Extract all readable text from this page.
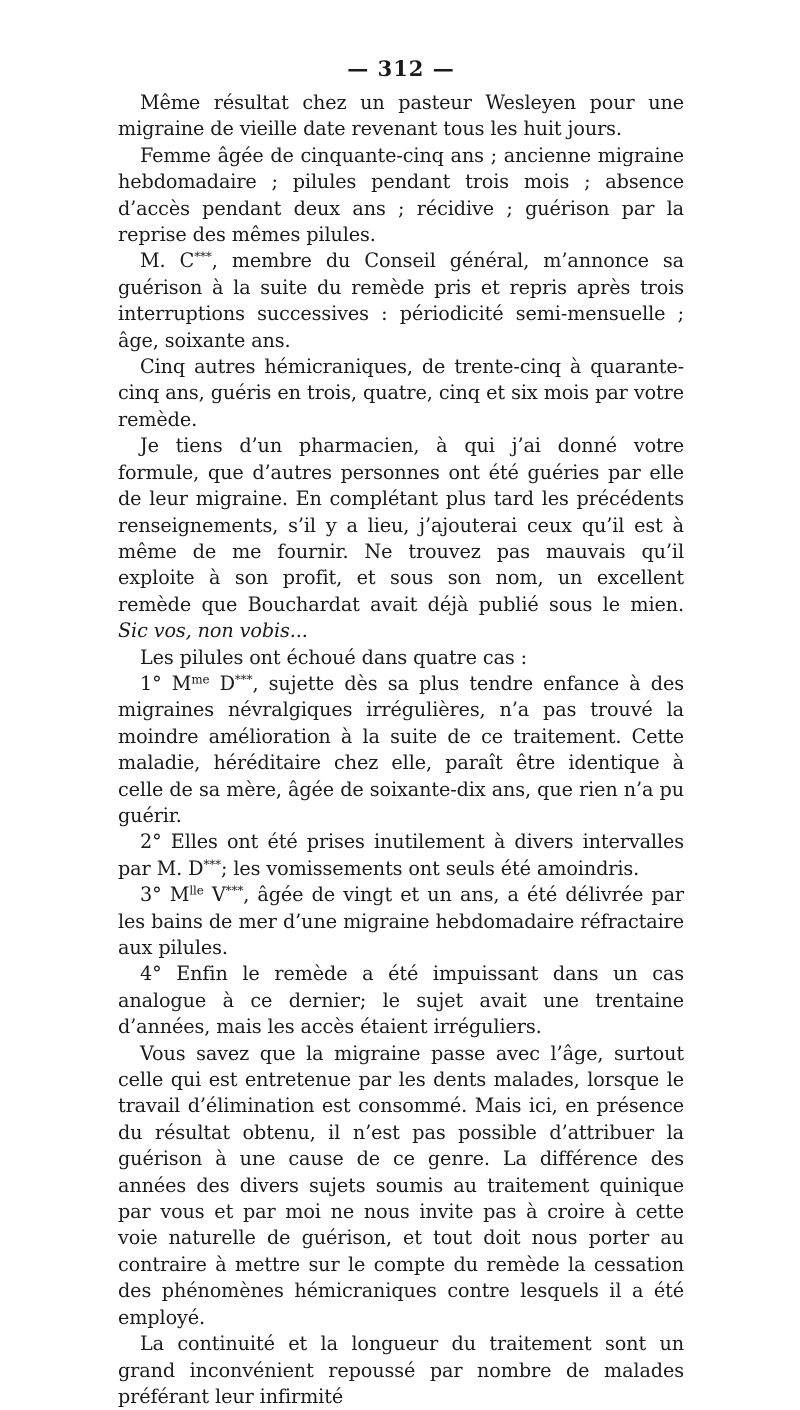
— 312 —

Même résultat chez un pasteur Wesleyen pour une migraine de vieille date revenant tous les huit jours.

Femme âgée de cinquante-cinq ans ; ancienne migraine hebdomadaire ; pilules pendant trois mois ; absence d’accès pendant deux ans ; récidive ; guérison par la reprise des mêmes pilules.

M. C***, membre du Conseil général, m’annonce sa guérison à la suite du remède pris et repris après trois interruptions successives : périodicité semi-mensuelle ; âge, soixante ans.

Cinq autres hémicraniques, de trente-cinq à quarante-cinq ans, guéris en trois, quatre, cinq et six mois par votre remède.

Je tiens d’un pharmacien, à qui j’ai donné votre formule, que d’autres personnes ont été guéries par elle de leur migraine. En complétant plus tard les précédents renseignements, s’il y a lieu, j’ajouterai ceux qu’il est à même de me fournir. Ne trouvez pas mauvais qu’il exploite à son profit, et sous son nom, un excellent remède que Bouchardat avait déjà publié sous le mien. Sic vos, non vobis...

Les pilules ont échoué dans quatre cas :

1° $M^{me}$ D***, sujette dès sa plus tendre enfance à des migraines névralgiques irrégulières, n’a pas trouvé la moindre amélioration à la suite de ce traitement. Cette maladie, héréditaire chez elle, paraît être identique à celle de sa mère, âgée de soixante-dix ans, que rien n’a pu guérir.

2° Elles ont été prises inutilement à divers intervalles par M. D***; les vomissements ont seuls été amoindris.

3° $M^{lle}$ V***, âgée de vingt et un ans, a été délivrée par les bains de mer d’une migraine hebdomadaire réfractaire aux pilules.

4° Enfin le remède a été impuissant dans un cas analogue à ce dernier; le sujet avait une trentaine d’années, mais les accès étaient irréguliers.

Vous savez que la migraine passe avec l’âge, surtout celle qui est entretenue par les dents malades, lorsque le travail d’élimination est consommé. Mais ici, en présence du résultat obtenu, il n’est pas possible d’attribuer la guérison à une cause de ce genre. La différence des années des divers sujets soumis au traitement quinique par vous et par moi ne nous invite pas à croire à cette voie naturelle de guérison, et tout doit nous porter au contraire à mettre sur le compte du remède la cessation des phénomènes hémicraniques contre lesquels il a été employé.

La continuité et la longueur du traitement sont un grand inconvénient repoussé par nombre de malades préférant leur infirmité
